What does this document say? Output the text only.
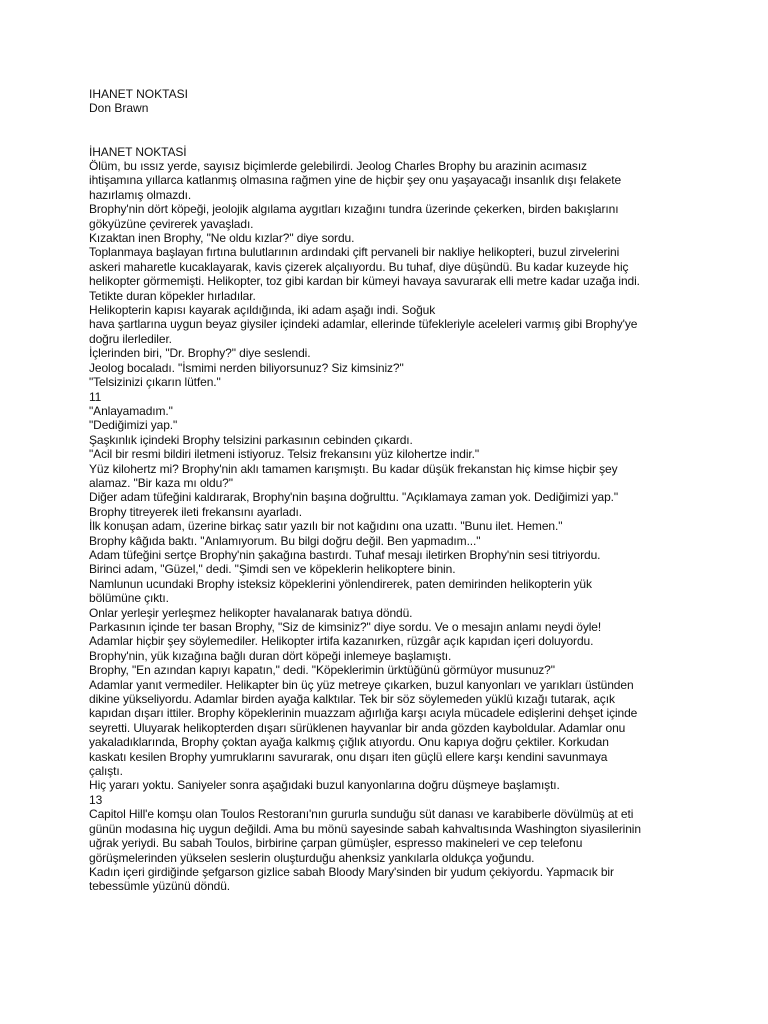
IHANET NOKTASI
Don Brawn
İHANET NOKTASİ
Ölüm, bu ıssız yerde, sayısız biçimlerde gelebilirdi. Jeolog Charles Brophy bu arazinin acımasız
ihtişamına yıllarca katlanmış olmasına rağmen yine de hiçbir şey onu yaşayacağı insanlık dışı felakete
hazırlamış olmazdı.
Brophy'nin dört köpeği, jeolojik algılama aygıtları kızağını tundra üzerinde çekerken, birden bakışlarını
gökyüzüne çevirerek yavaşladı.
Kızaktan inen Brophy, "Ne oldu kızlar?" diye sordu.
Toplanmaya başlayan fırtına bulutlarının ardındaki çift pervaneli bir nakliye helikopteri, buzul zirvelerini
askeri maharetle kucaklayarak, kavis çizerek alçalıyordu. Bu tuhaf, diye düşündü. Bu kadar kuzeyde hiç
helikopter görmemişti. Helikopter, toz gibi kardan bir kümeyi havaya savurarak elli metre kadar uzağa indi.
Tetikte duran köpekler hırladılar.
Helikopterin kapısı kayarak açıldığında, iki adam aşağı indi. Soğuk
hava şartlarına uygun beyaz giysiler içindeki adamlar, ellerinde tüfekleriyle aceleleri varmış gibi Brophy'ye
doğru ilerlediler.
İçlerinden biri, "Dr. Brophy?" diye seslendi.
Jeolog bocaladı. "İsmimi nerden biliyorsunuz? Siz kimsiniz?"
"Telsizinizi çıkarın lütfen."
11
"Anlayamadım."
"Dediğimizi yap."
Şaşkınlık içindeki Brophy telsizini parkasının cebinden çıkardı.
"Acil bir resmi bildiri iletmeni istiyoruz. Telsiz frekansını yüz kilohertze indir."
Yüz kilohertz mi? Brophy'nin aklı tamamen karışmıştı. Bu kadar düşük frekanstan hiç kimse hiçbir şey
alamaz. "Bir kaza mı oldu?"
Diğer adam tüfeğini kaldırarak, Brophy'nin başına doğrulttu. "Açıklamaya zaman yok. Dediğimizi yap."
Brophy titreyerek ileti frekansını ayarladı.
İlk konuşan adam, üzerine birkaç satır yazılı bir not kağıdını ona uzattı. "Bunu ilet. Hemen."
Brophy kâğıda baktı. "Anlamıyorum. Bu bilgi doğru değil. Ben yapmadım..."
Adam tüfeğini sertçe Brophy'nin şakağına bastırdı. Tuhaf mesajı iletirken Brophy'nin sesi titriyordu.
Birinci adam, "Güzel," dedi. "Şimdi sen ve köpeklerin helikoptere binin.
Namlunun ucundaki Brophy isteksiz köpeklerini yönlendirerek, paten demirinden helikopterin yük
bölümüne çıktı.
Onlar yerleşir yerleşmez helikopter havalanarak batıya döndü.
Parkasının içinde ter basan Brophy, "Siz de kimsiniz?" diye sordu. Ve o mesajın anlamı neydi öyle!
Adamlar hiçbir şey söylemediler. Helikopter irtifa kazanırken, rüzgâr açık kapıdan içeri doluyordu.
Brophy'nin, yük kızağına bağlı duran dört köpeği inlemeye başlamıştı.
Brophy, "En azından kapıyı kapatın," dedi. "Köpeklerimin ürktüğünü görmüyor musunuz?"
Adamlar yanıt vermediler. Helikapter bin üç yüz metreye çıkarken, buzul kanyonları ve yarıkları üstünden
dikine yükseliyordu. Adamlar birden ayağa kalktılar. Tek bir söz söylemeden yüklü kızağı tutarak, açık
kapıdan dışarı ittiler. Brophy köpeklerinin muazzam ağırlığa karşı acıyla mücadele edişlerini dehşet içinde
seyretti. Uluyarak helikopterden dışarı sürüklenen hayvanlar bir anda gözden kayboldular. Adamlar onu
yakaladıklarında, Brophy çoktan ayağa kalkmış çığlık atıyordu. Onu kapıya doğru çektiler. Korkudan
kaskatı kesilen Brophy yumruklarını savurarak, onu dışarı iten güçlü ellere karşı kendini savunmaya
çalıştı.
Hiç yararı yoktu. Saniyeler sonra aşağıdaki buzul kanyonlarına doğru düşmeye başlamıştı.
13
Capitol Hill'e komşu olan Toulos Restoranı'nın gururla sunduğu süt danası ve karabiberle dövülmüş at eti
günün modasına hiç uygun değildi. Ama bu mönü sayesinde sabah kahvaltısında Washington siyasilerinin
uğrak yeriydi. Bu sabah Toulos, birbirine çarpan gümüşler, espresso makineleri ve cep telefonu
görüşmelerinden yükselen seslerin oluşturduğu ahenksiz yankılarla oldukça yoğundu.
Kadın içeri girdiğinde şefgarson gizlice sabah Bloody Mary'sinden bir yudum çekiyordu. Yapmacık bir
tebessümle yüzünü döndü.
